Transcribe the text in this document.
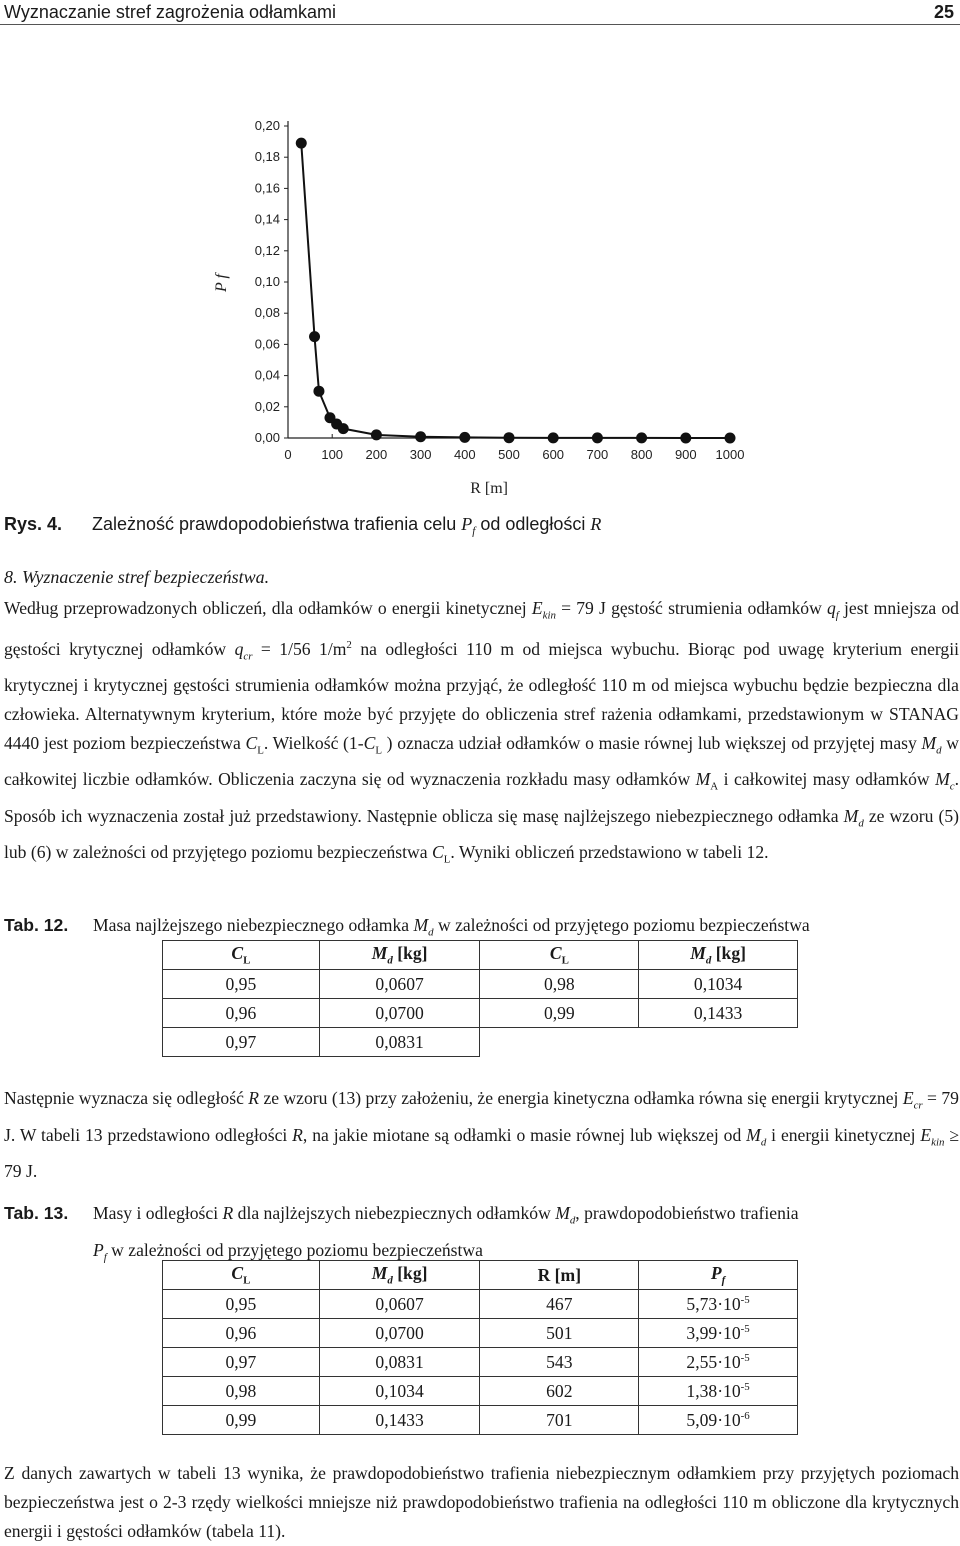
Wyznaczanie stref zagrożenia odłamkami	25
0,00
0,02
0,04
0,06
0,08
0,10
0,12
0,14
0,16
0,18
0,20
0 100 200 300 400 500 600 700 800 900 1000
P f
R [m]
Rys. 4. Zależność prawdopodobieństwa trafienia celu $P_f$ od odległości R
8. Wyznaczenie stref bezpieczeństwa.
Według przeprowadzonych obliczeń, dla odłamków o energii kinetycznej $E_{kin} = 79$ J gęstość strumienia odłamków $q_f$ jest mniejsza od gęstości krytycznej odłamków $q_{cr} = 1/56$ $1/m^2$ na odległości 110 m od miejsca wybuchu. Biorąc pod uwagę kryterium energii krytycznej i krytycznej gęstości strumienia odłamków można przyjąć, że odległość 110 m od miejsca wybuchu będzie bezpieczna dla człowieka. Alternatywnym kryterium, które może być przyjęte do obliczenia stref rażenia odłamkami, przedstawionym w STANAG 4440 jest poziom bezpieczeństwa $C_L$. Wielkość ($1-C_L$ ) oznacza udział odłamków o masie równej lub większej od przyjętej masy $M_d$ w całkowitej liczbie odłamków. Obliczenia zaczyna się od wyznaczenia rozkładu masy odłamków $M_A$ i całkowitej masy odłamków $M_c$. Sposób ich wyznaczenia został już przedstawiony. Następnie oblicza się masę najlżejszego niebezpiecznego odłamka $M_d$ ze wzoru (5) lub (6) w zależności od przyjętego poziomu bezpieczeństwa $C_L$. Wyniki obliczeń przedstawiono w tabeli 12.
Tab. 12. Masa najlżejszego niebezpiecznego odłamka $M_d$ w zależności od przyjętego poziomu bezpieczeństwa
$C_L$	$M_d$ [kg]	$C_L$	$M_d$ [kg]
0,95	0,0607	0,98	0,1034
0,96	0,0700	0,99	0,1433
0,97	0,0831		
Następnie wyznacza się odległość R ze wzoru (13) przy założeniu, że energia kinetyczna odłamka równa się energii krytycznej $E_{cr} = 79$ J. W tabeli 13 przedstawiono odległości R, na jakie miotane są odłamki o masie równej lub większej od $M_d$ i energii kinetycznej $E_{kin} \ge 79$ J.
Tab. 13. Masy i odległości R dla najlżejszych niebezpiecznych odłamków $M_d$, prawdopodobieństwo trafienia
$P_f$ w zależności od przyjętego poziomu bezpieczeństwa
$C_L$	$M_d$ [kg]	R [m]	$P_f$
0,95	0,0607	467	$5,73\cdot 10^{-5}$
0,96	0,0700	501	$3,99\cdot 10^{-5}$
0,97	0,0831	543	$2,55\cdot 10^{-5}$
0,98	0,1034	602	$1,38\cdot 10^{-5}$
0,99	0,1433	701	$5,09\cdot 10^{-6}$
Z danych zawartych w tabeli 13 wynika, że prawdopodobieństwo trafienia niebezpiecznym odłamkiem przy przyjętych poziomach bezpieczeństwa jest o 2-3 rzędy wielkości mniejsze niż prawdopodobieństwo trafienia na odległości 110 m obliczone dla krytycznych energii i gęstości odłamków (tabela 11).
